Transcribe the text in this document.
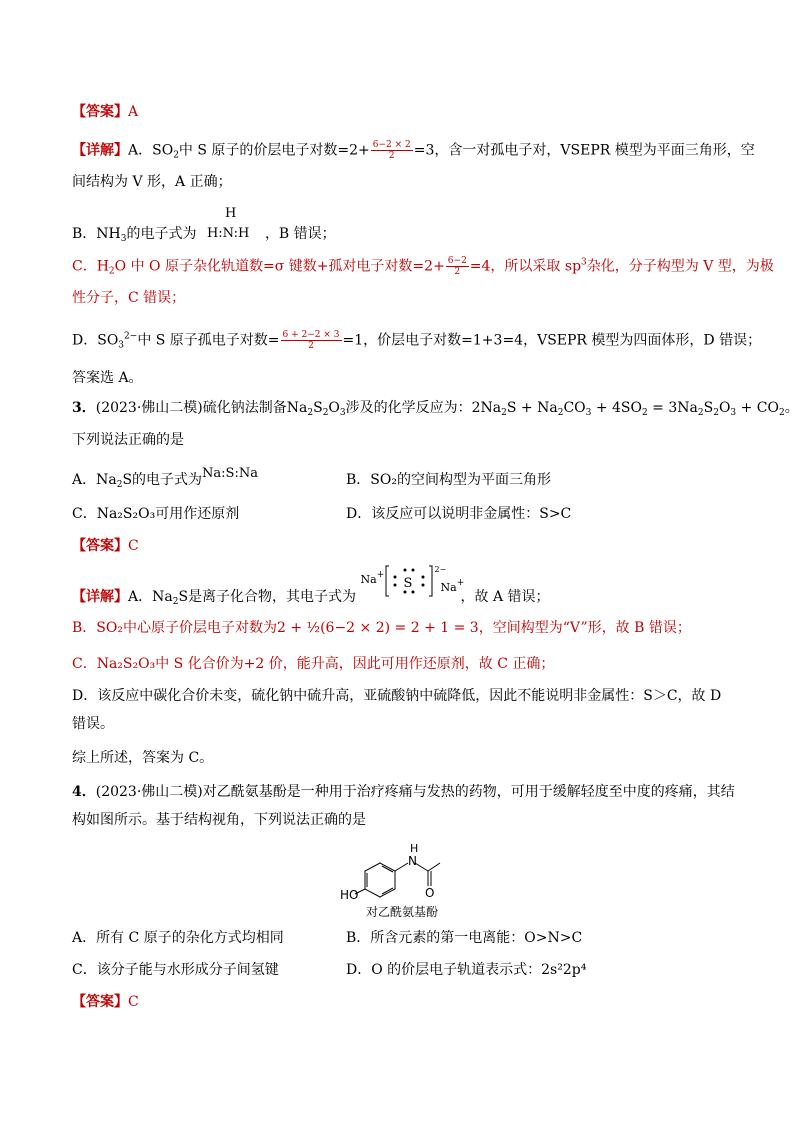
【答案】A
【详解】A．$SO_2$中 S 原子的价层电子对数$=2+ \frac{6-2 \times 2}{2} =3$，含一对孤电子对，VSEPR 模型为平面三角形，空
间结构为 V 形，A 正确；
B．$NH_3$的电子式为
H
H:N:H ，B 错误；
C．$H_2O$ 中 O 原子杂化轨道数=σ 键数+孤对电子对数$=2+ \frac{6-2}{2} =4$，所以采取 $sp^3$杂化，分子构型为 V 型，为极
性分子，C 错误；
D．$SO_3^{2-}$中 S 原子孤电子对数= $\frac{6 + 2-2 \times 3}{2} =1$，价层电子对数=1+3=4，VSEPR 模型为四面体形，D 错误；
答案选 A。
3．(2023·佛山二模)硫化钠法制备$Na_2S_2O_3$涉及的化学反应为：$2Na_2S + Na_2CO_3 + 4SO_2 = 3Na_2S_2O_3 + CO_2$。
下列说法正确的是
A．$Na_2S$的电子式为Na:S:Na	B．SO₂的空间构型为平面三角形
C．Na₂S₂O₃可用作还原剂	D．该反应可以说明非金属性：S>C
【答案】C
【详解】A．$Na_2S$是离子化合物，其电子式为
Na+
S
2−
Na+
，故 A 错误；
B．SO₂中心原子价层电子对数为2 + ½(6−2 × 2) = 2 + 1 = 3，空间构型为“V”形，故 B 错误；
C．Na₂S₂O₃中 S 化合价为+2 价，能升高，因此可用作还原剂，故 C 正确；
D．该反应中碳化合价未变，硫化钠中硫升高，亚硫酸钠中硫降低，因此不能说明非金属性：S＞C，故 D
错误。
综上所述，答案为 C。
4．(2023·佛山二模)对乙酰氨基酚是一种用于治疗疼痛与发热的药物，可用于缓解轻度至中度的疼痛，其结
构如图所示。基于结构视角，下列说法正确的是
N
H
O
HO
对乙酰氨基酚
A．所有 C 原子的杂化方式均相同	B．所含元素的第一电离能：O>N>C
C．该分子能与水形成分子间氢键	D．O 的价层电子轨道表示式：2s²2p⁴
【答案】C
